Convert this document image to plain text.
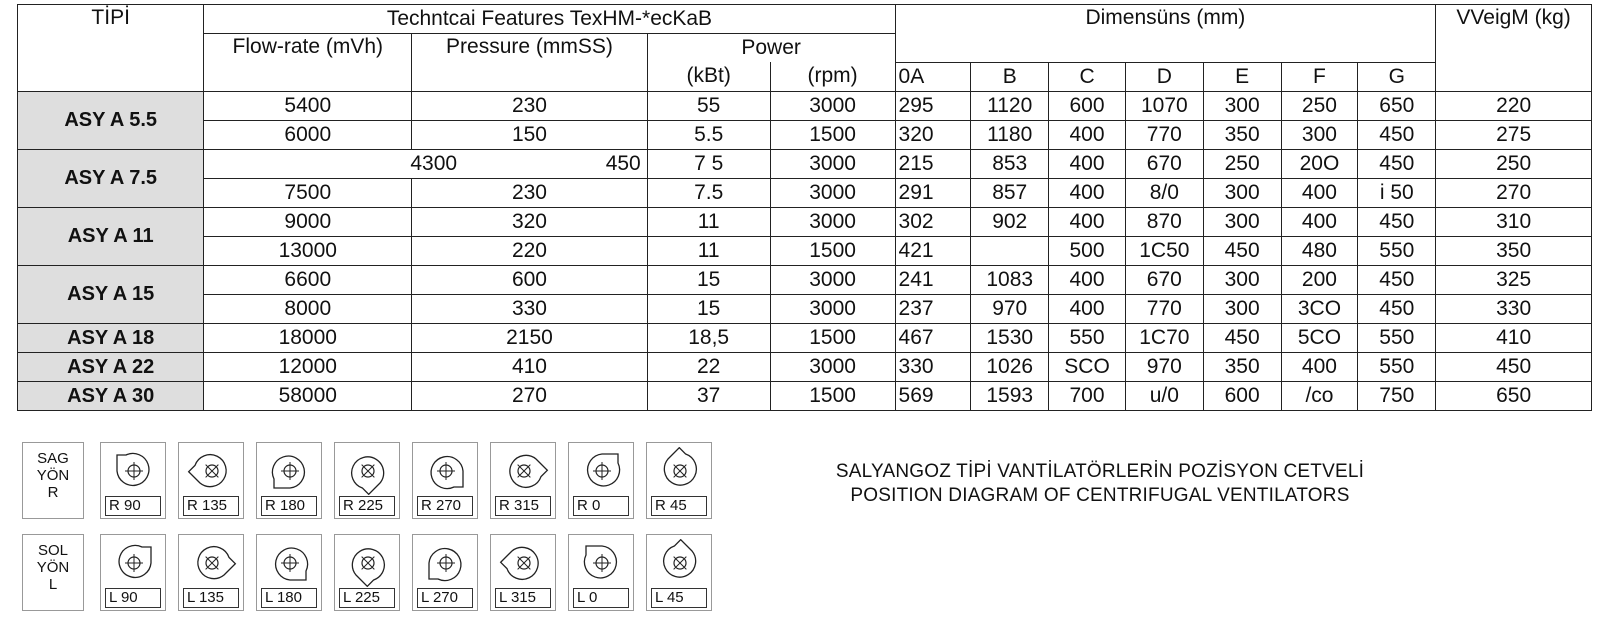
TİPİ	Techntcai Features TexHM-*ecKaB				Dimensüns (mm)							VVeigM (kg)
	Flow-rate (mVh)	Pressure (mmSS)	Power									
			(kBt)	(rpm)	0A	B	C	D	E	F	G	
ASY A 5.5	5400	230	55	3000	295	1120	600	1070	300	250	650	220
	6000	150	5.5	1500	320	1180	400	770	350	300	450	275
ASY A 7.5	4300 450		7 5	3000	215	853	400	670	250	20O	450	250
	7500	230	7.5	3000	291	857	400	8/0	300	400	i 50	270
ASY A 11	9000	320	11	3000	302	902	400	870	300	400	450	310
	13000	220	11	1500	421		500	1C50	450	480	550	350
ASY A 15	6600	600	15	3000	241	1083	400	670	300	200	450	325
	8000	330	15	3000	237	970	400	770	300	3CO	450	330
ASY A 18	18000	2150	18,5	1500	467	1530	550	1C70	450	5CO	550	410
ASY A 22	12000	410	22	3000	330	1026	SCO	970	350	400	550	450
ASY A 30	58000	270	37	1500	569	1593	700	u/0	600	/co	750	650
SAG
YÖN
R
R 90	R 135	R 180	R 225	R 270	R 315	R 0	R 45
SOL
YÖN
L
L 90	L 135	L 180	L 225	L 270	L 315	L 0	L 45
SALYANGOZ TİPİ VANTİLATÖRLERİN POZİSYON CETVELİ
POSITION DIAGRAM OF CENTRIFUGAL VENTILATORS
